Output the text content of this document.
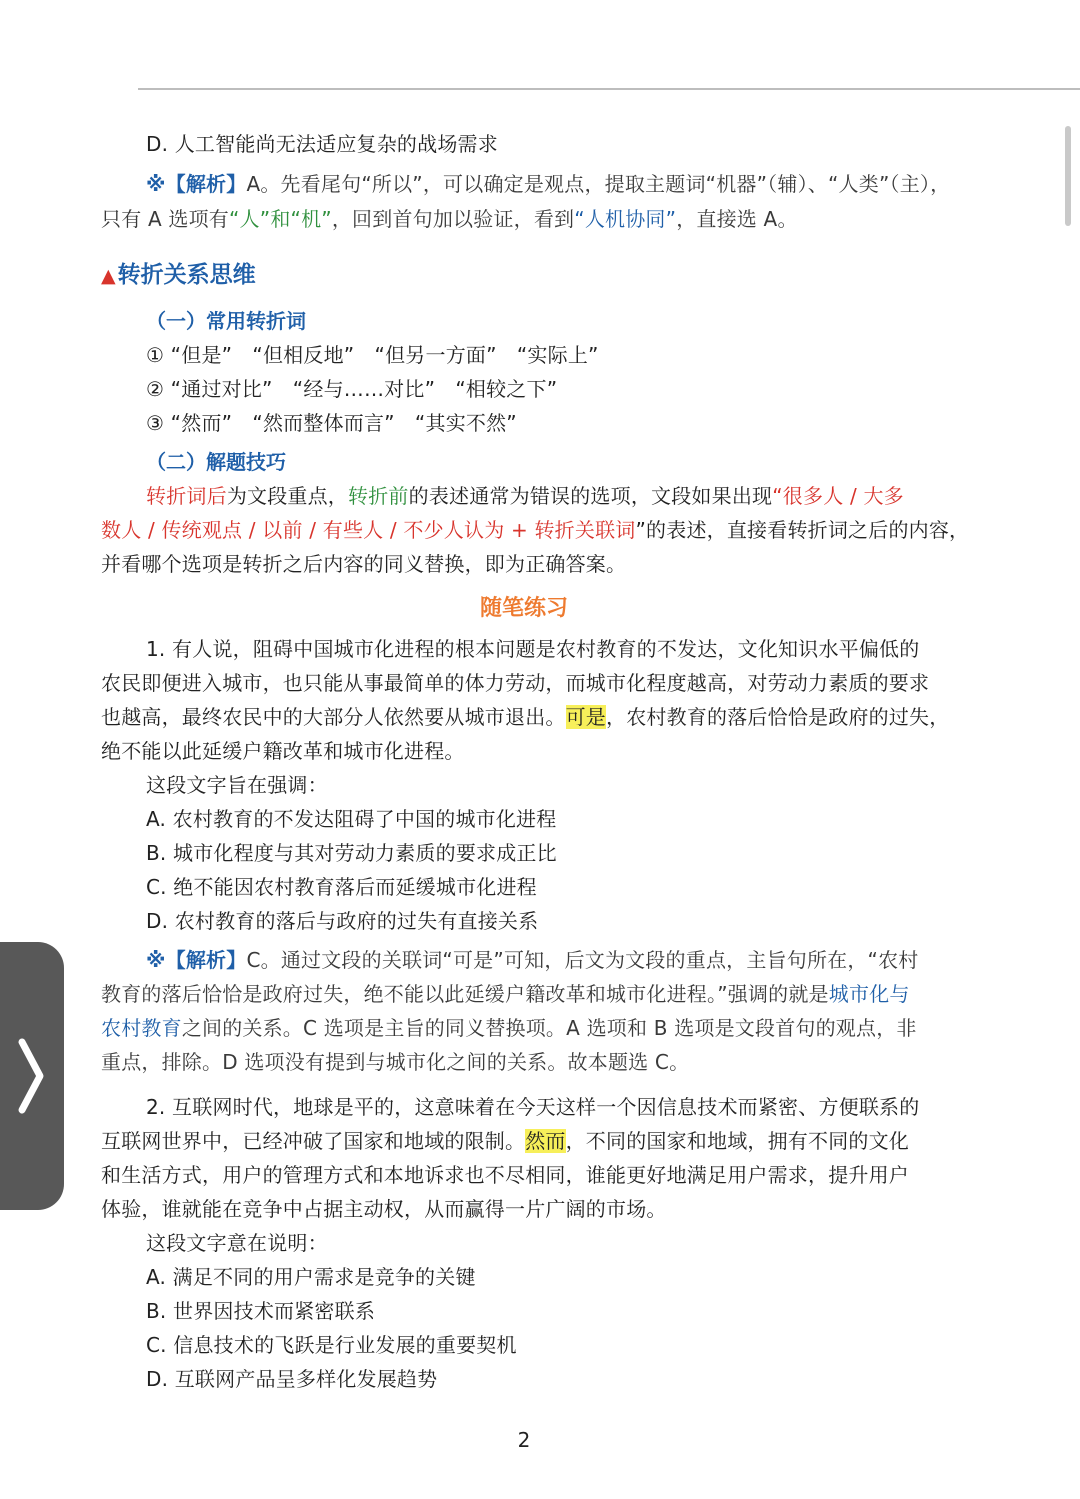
D. 人工智能尚无法适应复杂的战场需求
※【解析】A。先看尾句“所以”，可以确定是观点，提取主题词“机器”（辅）、“人类”（主），
只有 A 选项有“人”和“机”，回到首句加以验证，看到“人机协同”，直接选 A。
▲转折关系思维
（一）常用转折词
① “但是”　“但相反地”　“但另一方面”　“实际上”
② “通过对比”　“经与……对比”　“相较之下”
③ “然而”　“然而整体而言”　“其实不然”
（二）解题技巧
转折词后为文段重点，转折前的表述通常为错误的选项，文段如果出现“很多人 / 大多
数人 / 传统观点 / 以前 / 有些人 / 不少人认为 + 转折关联词”的表述，直接看转折词之后的内容，
并看哪个选项是转折之后内容的同义替换，即为正确答案。
随笔练习
1. 有人说，阻碍中国城市化进程的根本问题是农村教育的不发达，文化知识水平偏低的
农民即便进入城市，也只能从事最简单的体力劳动，而城市化程度越高，对劳动力素质的要求
也越高，最终农民中的大部分人依然要从城市退出。可是，农村教育的落后恰恰是政府的过失，
绝不能以此延缓户籍改革和城市化进程。
这段文字旨在强调：
A. 农村教育的不发达阻碍了中国的城市化进程
B. 城市化程度与其对劳动力素质的要求成正比
C. 绝不能因农村教育落后而延缓城市化进程
D. 农村教育的落后与政府的过失有直接关系
※【解析】C。通过文段的关联词“可是”可知，后文为文段的重点，主旨句所在，“农村
教育的落后恰恰是政府过失，绝不能以此延缓户籍改革和城市化进程。”强调的就是城市化与
农村教育之间的关系。C 选项是主旨的同义替换项。A 选项和 B 选项是文段首句的观点，非
重点，排除。D 选项没有提到与城市化之间的关系。故本题选 C。
2. 互联网时代，地球是平的，这意味着在今天这样一个因信息技术而紧密、方便联系的
互联网世界中，已经冲破了国家和地域的限制。然而，不同的国家和地域，拥有不同的文化
和生活方式，用户的管理方式和本地诉求也不尽相同，谁能更好地满足用户需求，提升用户
体验，谁就能在竞争中占据主动权，从而赢得一片广阔的市场。
这段文字意在说明：
A. 满足不同的用户需求是竞争的关键
B. 世界因技术而紧密联系
C. 信息技术的飞跃是行业发展的重要契机
D. 互联网产品呈多样化发展趋势
2
